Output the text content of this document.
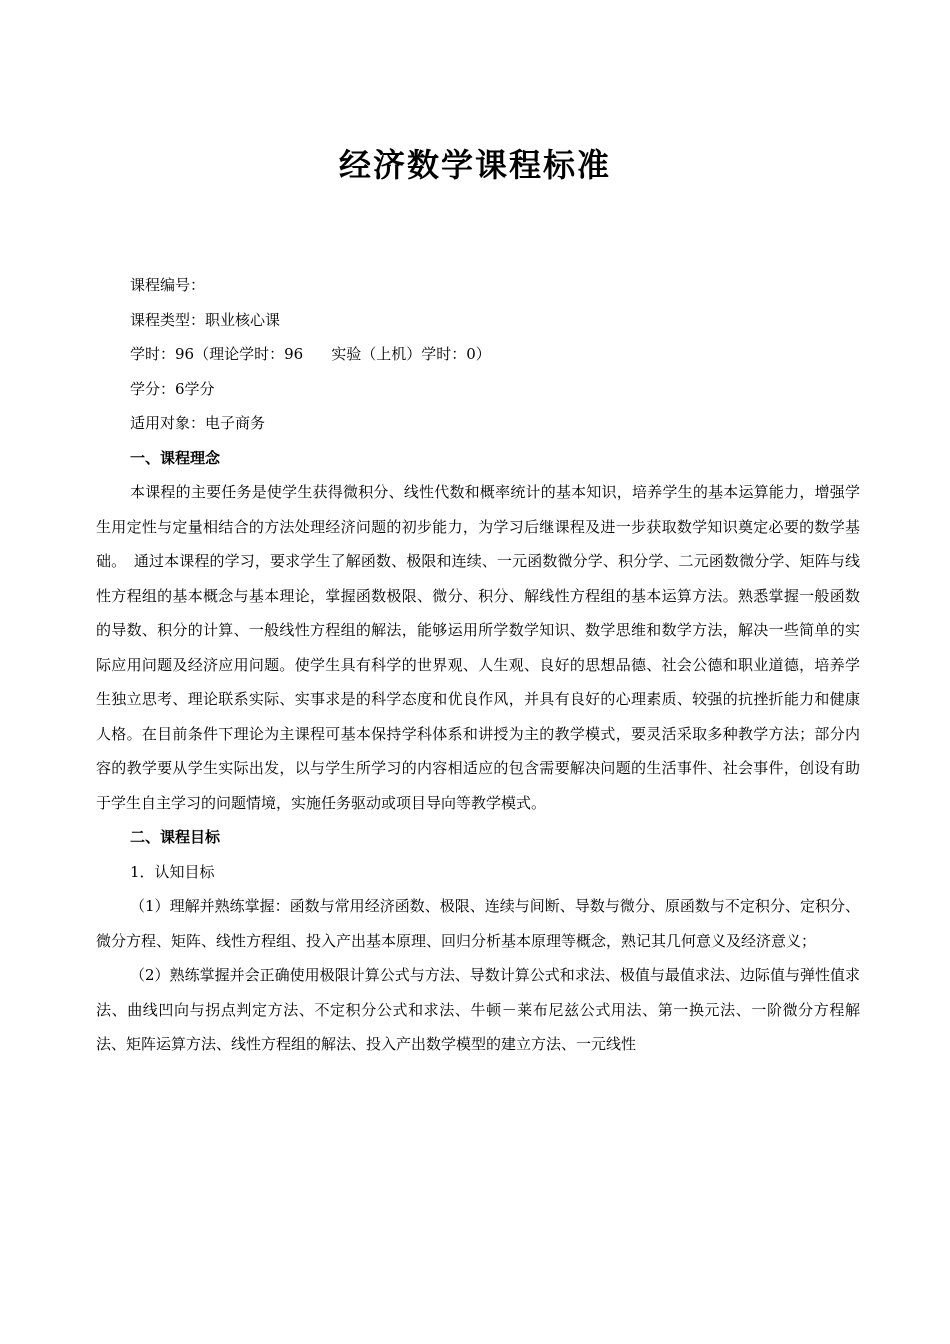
经济数学课程标准

课程编号：

课程类型：职业核心课

学时：96（理论学时：96 实验（上机）学时：0）

学分：6学分

适用对象：电子商务

一、课程理念

本课程的主要任务是使学生获得微积分、线性代数和概率统计的基本知识，培养学生的基本运算能力，增强学生用定性与定量相结合的方法处理经济问题的初步能力，为学习后继课程及进一步获取数学知识奠定必要的数学基础。　通过本课程的学习，要求学生了解函数、极限和连续、一元函数微分学、积分学、二元函数微分学、矩阵与线性方程组的基本概念与基本理论，掌握函数极限、微分、积分、解线性方程组的基本运算方法。熟悉掌握一般函数的导数、积分的计算、一般线性方程组的解法，能够运用所学数学知识、数学思维和数学方法，解决一些简单的实际应用问题及经济应用问题。使学生具有科学的世界观、人生观、良好的思想品德、社会公德和职业道德，培养学生独立思考、理论联系实际、实事求是的科学态度和优良作风，并具有良好的心理素质、较强的抗挫折能力和健康人格。在目前条件下理论为主课程可基本保持学科体系和讲授为主的教学模式，要灵活采取多种教学方法；部分内容的教学要从学生实际出发，以与学生所学习的内容相适应的包含需要解决问题的生活事件、社会事件，创设有助于学生自主学习的问题情境，实施任务驱动或项目导向等教学模式。

二、课程目标

1．认知目标

（1）理解并熟练掌握：函数与常用经济函数、极限、连续与间断、导数与微分、原函数与不定积分、定积分、微分方程、矩阵、线性方程组、投入产出基本原理、回归分析基本原理等概念，熟记其几何意义及经济意义；

（2）熟练掌握并会正确使用极限计算公式与方法、导数计算公式和求法、极值与最值求法、边际值与弹性值求法、曲线凹向与拐点判定方法、不定积分公式和求法、牛顿－莱布尼兹公式用法、第一换元法、一阶微分方程解法、矩阵运算方法、线性方程组的解法、投入产出数学模型的建立方法、一元线性
